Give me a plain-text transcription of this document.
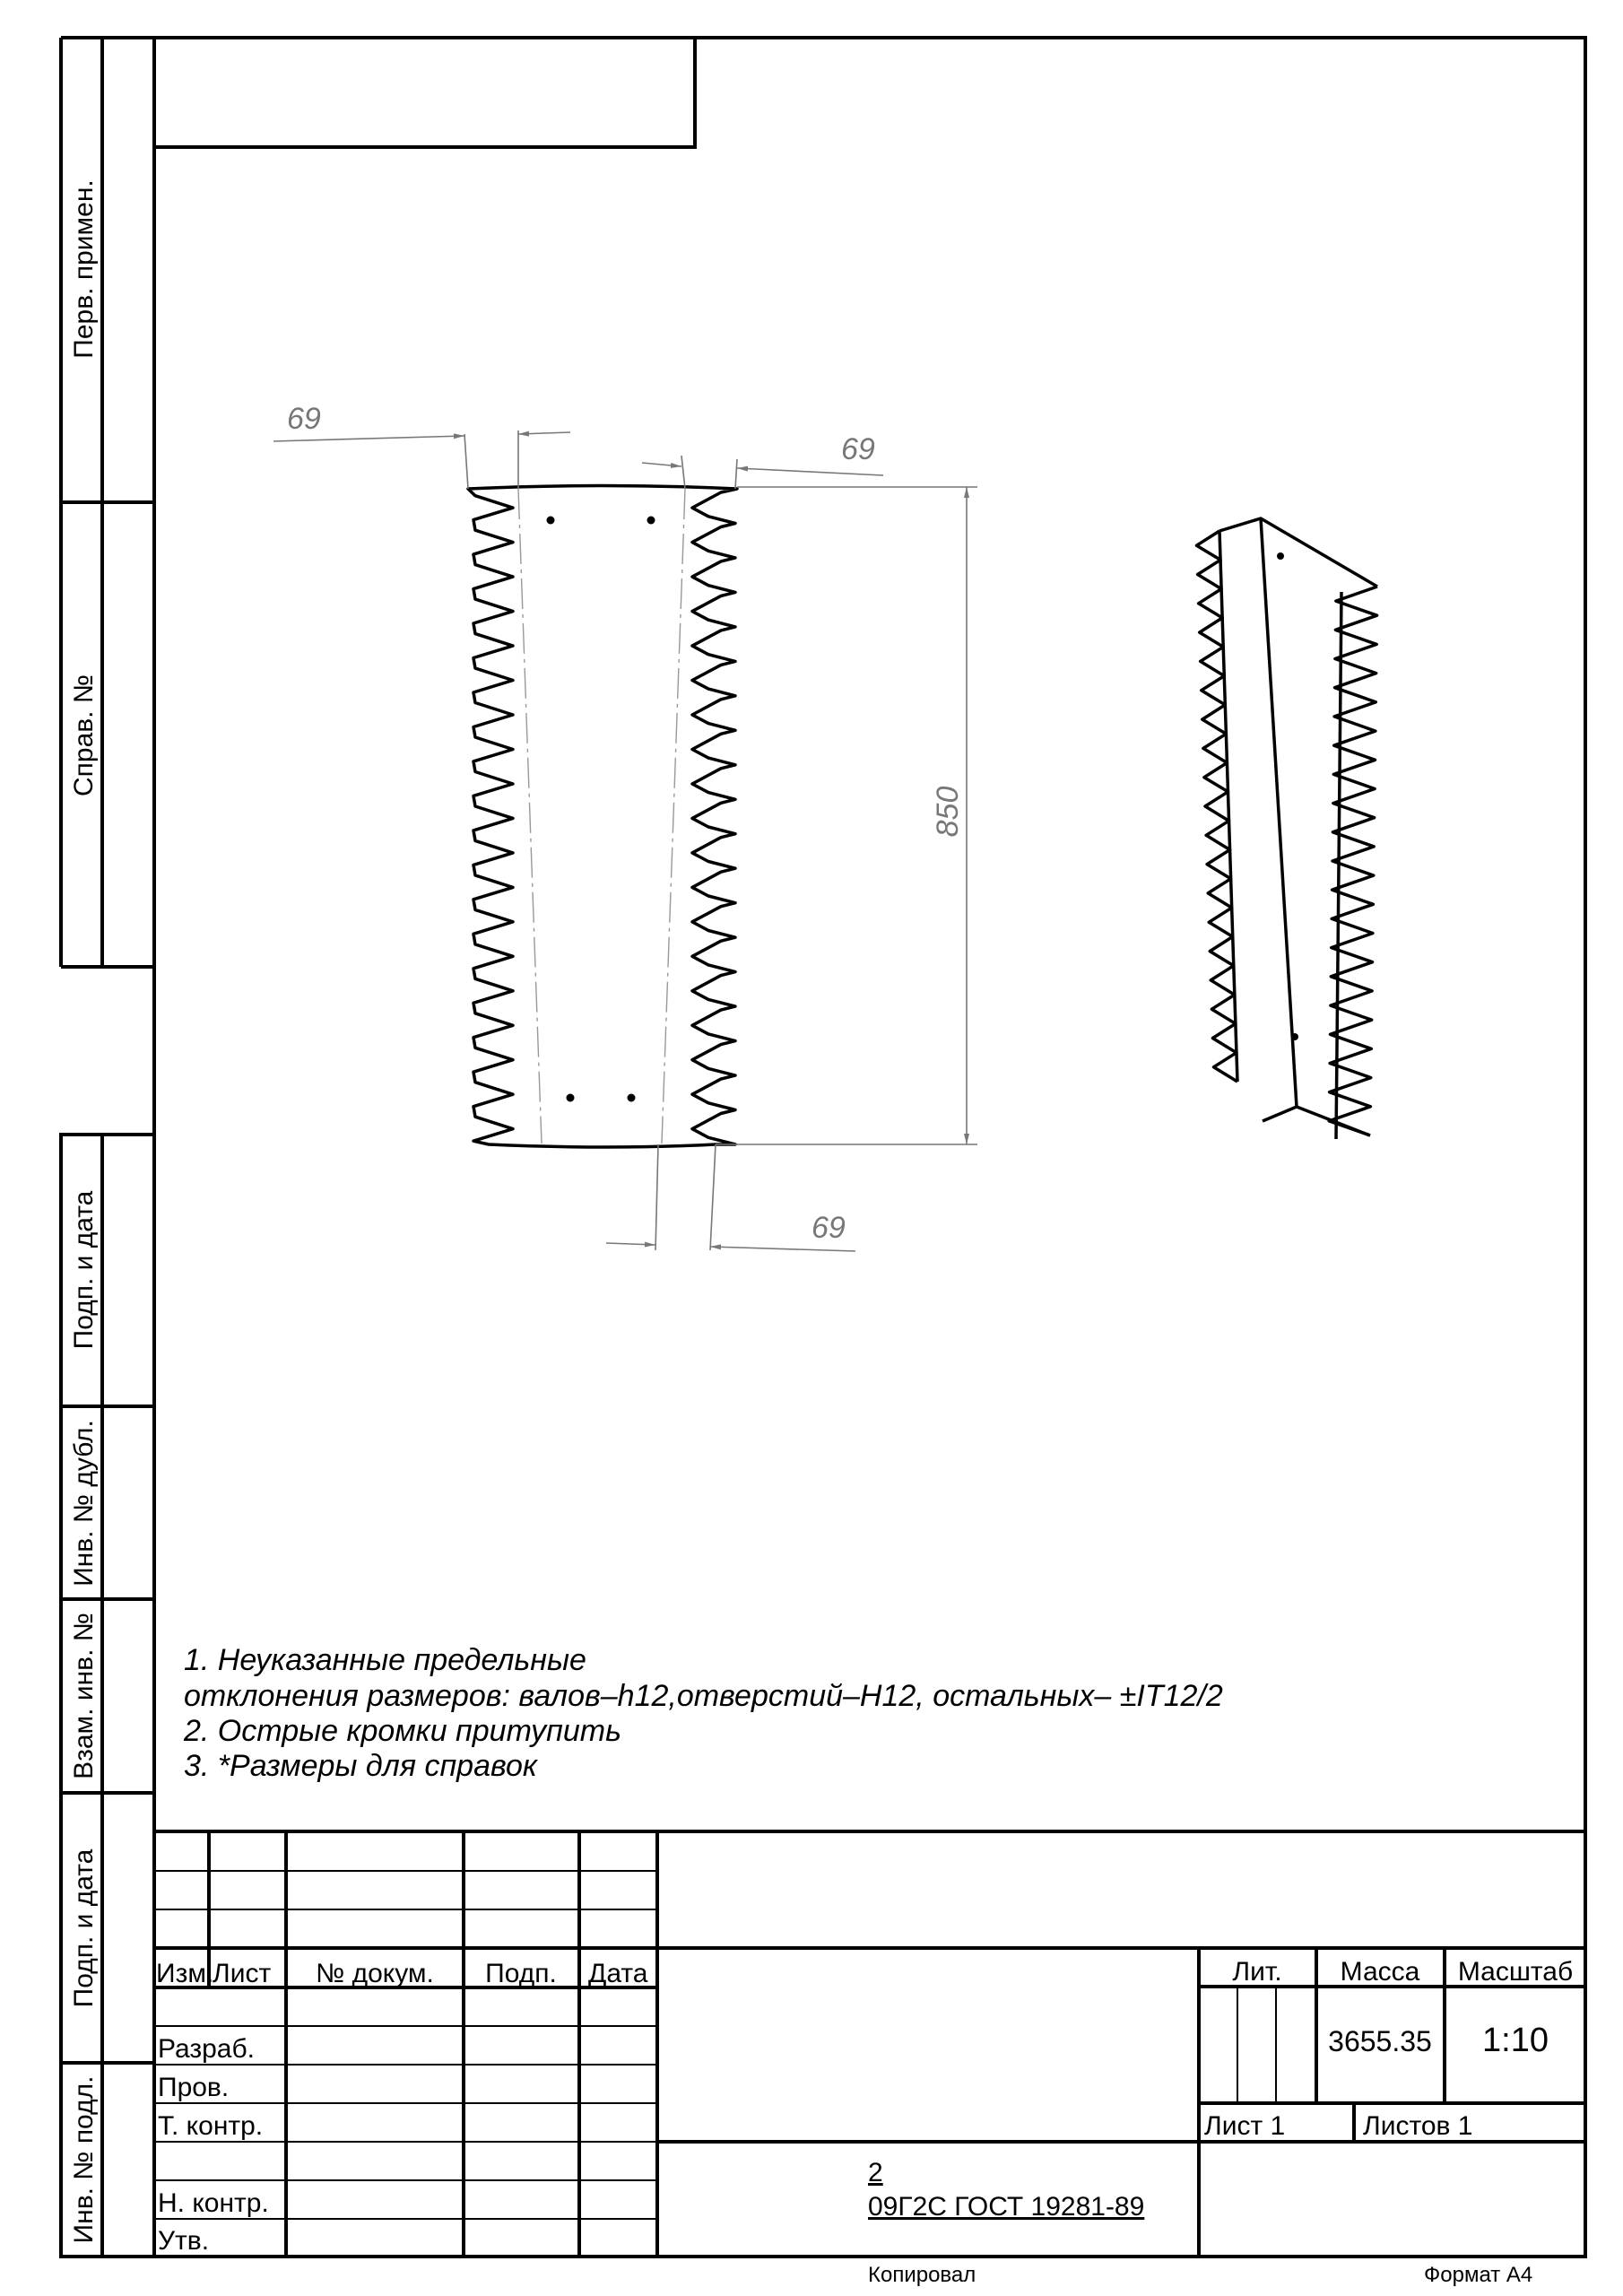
Перв. примен.
Справ. №
Подп. и дата
Инв. № дубл.
Взам. инв. №
Подп. и дата
Инв. № подл.
69
69
850
69
1. Неуказанные предельные
отклонения размеров: валов–h12,отверстий–H12, остальных– ±IT12/2
2. Острые кромки притупить
3. *Размеры для справок
Изм.
Лист № докум. Подп. Дата
Разраб.
Пров.
Т. контр.
Н. контр.
Утв.
Лит. Масса Масштаб
3655.35 1:10
Лист 1	Листов 1
2
09Г2С ГОСТ 19281-89
Копировал	Формат А4
